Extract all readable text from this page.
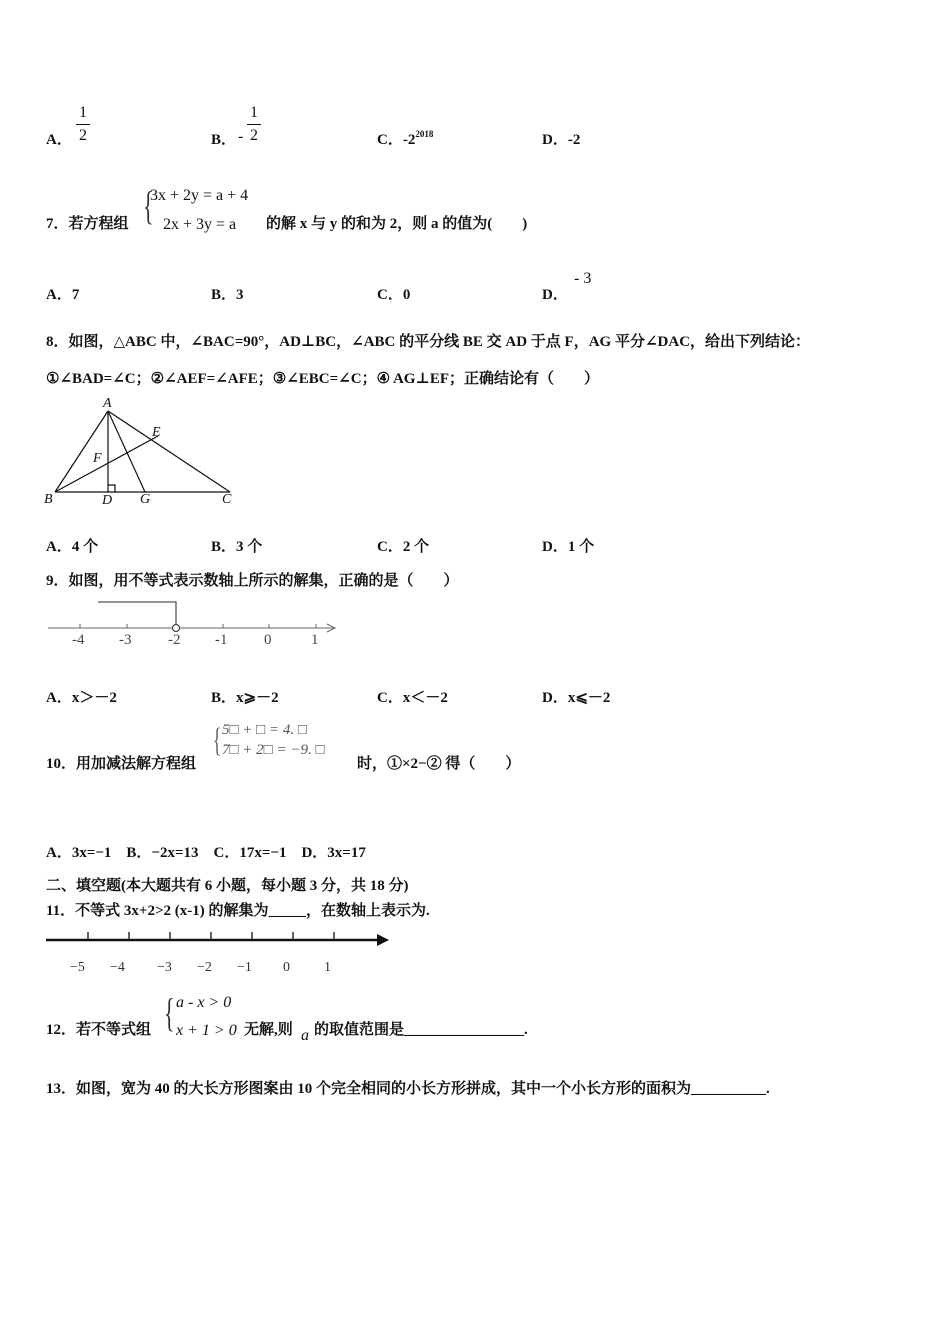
A．
1
2	B． -
1
2	C．$-2^{2018}$	D．-2
7．若方程组 {
3x + 2y = a + 4
2x + 3y = a 的解 x 与 y 的和为 2，则 a 的值为(　　)
A．7	B．3	C．0	D．
- 3
8．如图，△ABC 中，∠BAC=90°，AD⊥BC，∠ABC 的平分线 BE 交 AD 于点 F，AG 平分∠DAC，给出下列结论：
①∠BAD=∠C；②∠AEF=∠AFE；③∠EBC=∠C；④ AG⊥EF；正确结论有（　　）
A
B	C
D
E
F
G
A．4 个	B．3 个	C．2 个	D．1 个
9．如图，用不等式表示数轴上所示的解集，正确的是（　　）
-4 -3 -2 -1 0	1
A．x＞－2	B．x⩾－2	C．x＜－2	D．x⩽－2
10．用加减法解方程组
{ 5□ + □ = 4. □
7□ + 2□ = −9. □
时，①×2−② 得（　　）
A．3x=−1　B．−2x=13　C．17x=−1　D．3x=17
二、填空题(本大题共有 6 小题，每小题 3 分，共 18 分)
11．不等式 3x+2>2 (x-1) 的解集为_____，在数轴上表示为.
−5 −4 −3 −2 −1 0 1
12．若不等式组 { a - x > 0
x + 1 > 0 无解,则 a 的取值范围是________________.
13．如图，宽为 40 的大长方形图案由 10 个完全相同的小长方形拼成，其中一个小长方形的面积为__________.
